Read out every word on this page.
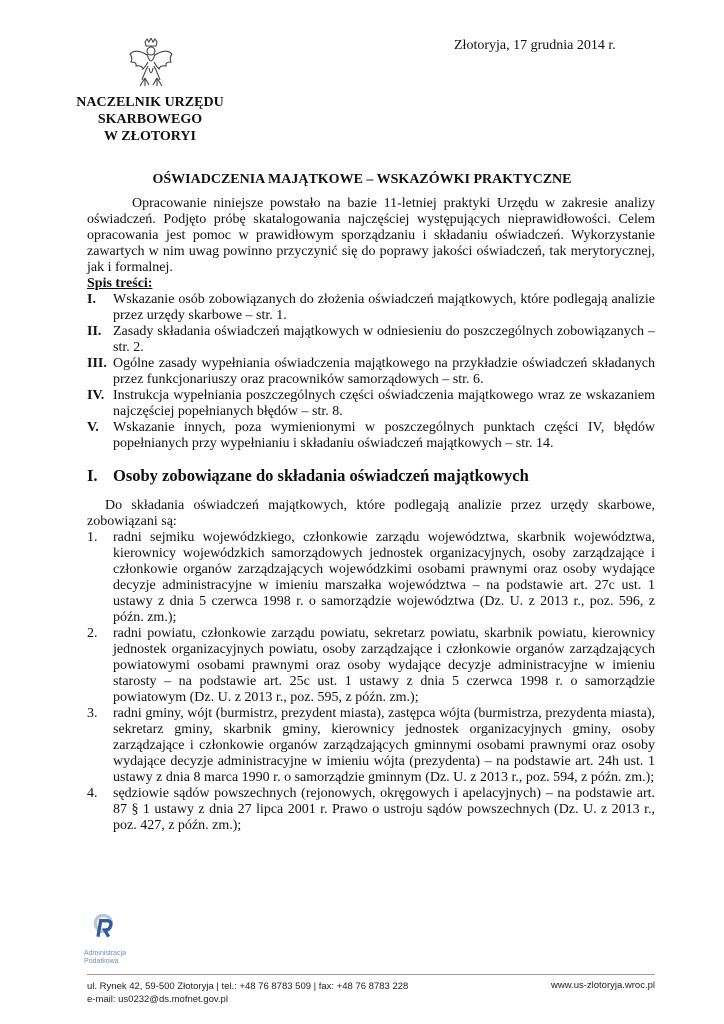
Złotoryja, 17 grudnia 2014 r.
NACZELNIK URZĘDU
SKARBOWEGO
W ZŁOTORYI
OŚWIADCZENIA MAJĄTKOWE – WSKAZÓWKI PRAKTYCZNE

Opracowanie niniejsze powstało na bazie 11-letniej praktyki Urzędu w zakresie analizy oświadczeń. Podjęto próbę skatalogowania najczęściej występujących nieprawidłowości. Celem opracowania jest pomoc w prawidłowym sporządzaniu i składaniu oświadczeń. Wykorzystanie zawartych w nim uwag powinno przyczynić się do poprawy jakości oświadczeń, tak merytorycznej, jak i formalnej.

Spis treści:

I. Wskazanie osób zobowiązanych do złożenia oświadczeń majątkowych, które podlegają analizie przez urzędy skarbowe – str. 1.
II. Zasady składania oświadczeń majątkowych w odniesieniu do poszczególnych zobowiązanych – str. 2.
III. Ogólne zasady wypełniania oświadczenia majątkowego na przykładzie oświadczeń składanych przez funkcjonariuszy oraz pracowników samorządowych – str. 6.
IV. Instrukcja wypełniania poszczególnych części oświadczenia majątkowego wraz ze wskazaniem najczęściej popełnianych błędów – str. 8.
V. Wskazanie innych, poza wymienionymi w poszczególnych punktach części IV, błędów popełnianych przy wypełnianiu i składaniu oświadczeń majątkowych – str. 14.
I. Osoby zobowiązane do składania oświadczeń majątkowych

Do składania oświadczeń majątkowych, które podlegają analizie przez urzędy skarbowe, zobowiązani są:

1. radni sejmiku wojewódzkiego, członkowie zarządu województwa, skarbnik województwa, kierownicy wojewódzkich samorządowych jednostek organizacyjnych, osoby zarządzające i członkowie organów zarządzających wojewódzkimi osobami prawnymi oraz osoby wydające decyzje administracyjne w imieniu marszałka województwa – na podstawie art. 27c ust. 1 ustawy z dnia 5 czerwca 1998 r. o samorządzie województwa (Dz. U. z 2013 r., poz. 596, z późn. zm.);
2. radni powiatu, członkowie zarządu powiatu, sekretarz powiatu, skarbnik powiatu, kierownicy jednostek organizacyjnych powiatu, osoby zarządzające i członkowie organów zarządzających powiatowymi osobami prawnymi oraz osoby wydające decyzje administracyjne w imieniu starosty – na podstawie art. 25c ust. 1 ustawy z dnia 5 czerwca 1998 r. o samorządzie powiatowym (Dz. U. z 2013 r., poz. 595, z późn. zm.);
3. radni gminy, wójt (burmistrz, prezydent miasta), zastępca wójta (burmistrza, prezydenta miasta), sekretarz gminy, skarbnik gminy, kierownicy jednostek organizacyjnych gminy, osoby zarządzające i członkowie organów zarządzających gminnymi osobami prawnymi oraz osoby wydające decyzje administracyjne w imieniu wójta (prezydenta) – na podstawie art. 24h ust. 1 ustawy z dnia 8 marca 1990 r. o samorządzie gminnym (Dz. U. z 2013 r., poz. 594, z późn. zm.);
4. sędziowie sądów powszechnych (rejonowych, okręgowych i apelacyjnych) – na podstawie art. 87 § 1 ustawy z dnia 27 lipca 2001 r. Prawo o ustroju sądów powszechnych (Dz. U. z 2013 r., poz. 427, z późn. zm.);
Administracja
Podatkowa
ul. Rynek 42, 59-500 Złotoryja | tel.: +48 76 8783 509 | fax: +48 76 8783 228
e-mail: us0232@ds.mofnet.gov.pl
www.us-zlotoryja.wroc.pl
